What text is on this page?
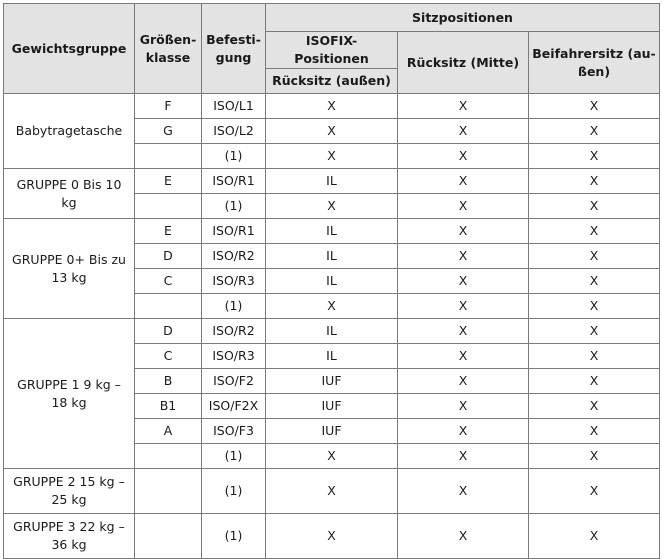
Gewichtsgruppe	Größen-klasse	Befesti-gung	Sitzpositionen		
			ISOFIX-Positionen	Rücksitz (Mitte)	Beifahrersitz (au-ßen)
			Rücksitz (außen)		
Babytragetasche	F	ISO/L1	X	X	X
	G	ISO/L2	X	X	X
		(1)	X	X	X
GRUPPE 0 Bis 10 kg	E	ISO/R1	IL	X	X
		(1)	X	X	X
GRUPPE 0+ Bis zu 13 kg	E	ISO/R1	IL	X	X
	D	ISO/R2	IL	X	X
	C	ISO/R3	IL	X	X
		(1)	X	X	X
GRUPPE 1 9 kg – 18 kg	D	ISO/R2	IL	X	X
	C	ISO/R3	IL	X	X
	B	ISO/F2	IUF	X	X
	B1	ISO/F2X	IUF	X	X
	A	ISO/F3	IUF	X	X
		(1)	X	X	X
GRUPPE 2 15 kg – 25 kg		(1)	X	X	X
GRUPPE 3 22 kg – 36 kg		(1)	X	X	X
